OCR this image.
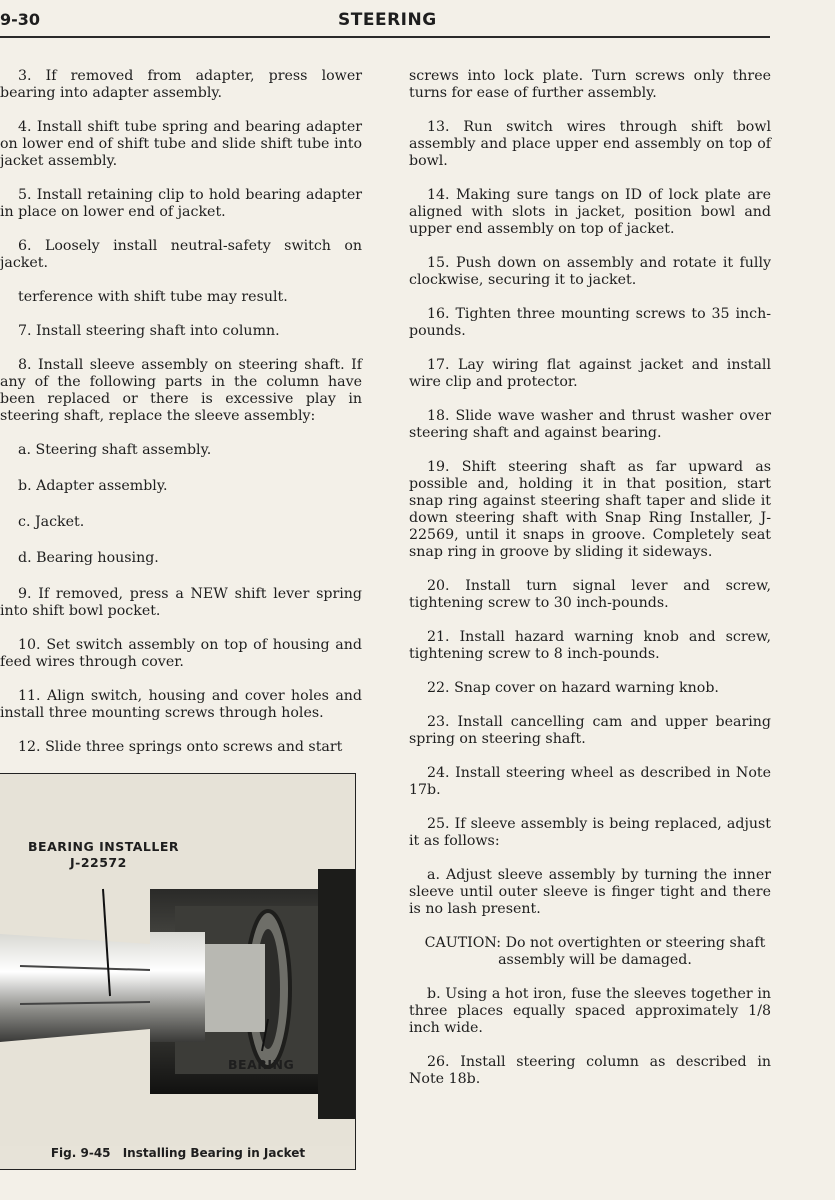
9-30	STEERING

3. If removed from adapter, press lower bearing into adapter assembly.

4. Install shift tube spring and bearing adapter on lower end of shift tube and slide shift tube into jacket assembly.

5. Install retaining clip to hold bearing adapter in place on lower end of jacket.

6. Loosely install neutral-safety switch on jacket.

terference with shift tube may result.

7. Install steering shaft into column.

8. Install sleeve assembly on steering shaft. If any of the following parts in the column have been replaced or there is excessive play in steering shaft, replace the sleeve assembly:

a. Steering shaft assembly.

b. Adapter assembly.

c. Jacket.

d. Bearing housing.

9. If removed, press a NEW shift lever spring into shift bowl pocket.

10. Set switch assembly on top of housing and feed wires through cover.

11. Align switch, housing and cover holes and install three mounting screws through holes.

12. Slide three springs onto screws and start

screws into lock plate. Turn screws only three turns for ease of further assembly.

13. Run switch wires through shift bowl assembly and place upper end assembly on top of bowl.

14. Making sure tangs on ID of lock plate are aligned with slots in jacket, position bowl and upper end assembly on top of jacket.

15. Push down on assembly and rotate it fully clockwise, securing it to jacket.

16. Tighten three mounting screws to 35 inch-pounds.

17. Lay wiring flat against jacket and install wire clip and protector.

18. Slide wave washer and thrust washer over steering shaft and against bearing.

19. Shift steering shaft as far upward as possible and, holding it in that position, start snap ring against steering shaft taper and slide it down steering shaft with Snap Ring Installer, J-22569, until it snaps in groove. Completely seat snap ring in groove by sliding it sideways.

20. Install turn signal lever and screw, tightening screw to 30 inch-pounds.

21. Install hazard warning knob and screw, tightening screw to 8 inch-pounds.

22. Snap cover on hazard warning knob.

23. Install cancelling cam and upper bearing spring on steering shaft.

24. Install steering wheel as described in Note 17b.

25. If sleeve assembly is being replaced, adjust it as follows:

a. Adjust sleeve assembly by turning the inner sleeve until outer sleeve is finger tight and there is no lash present.

CAUTION: Do not overtighten or steering shaft assembly will be damaged.

b. Using a hot iron, fuse the sleeves together in three places equally spaced approximately 1/8 inch wide.

26. Install steering column as described in Note 18b.

BEARING INSTALLER
J-22572
BEARING
Fig. 9-45 Installing Bearing in Jacket
